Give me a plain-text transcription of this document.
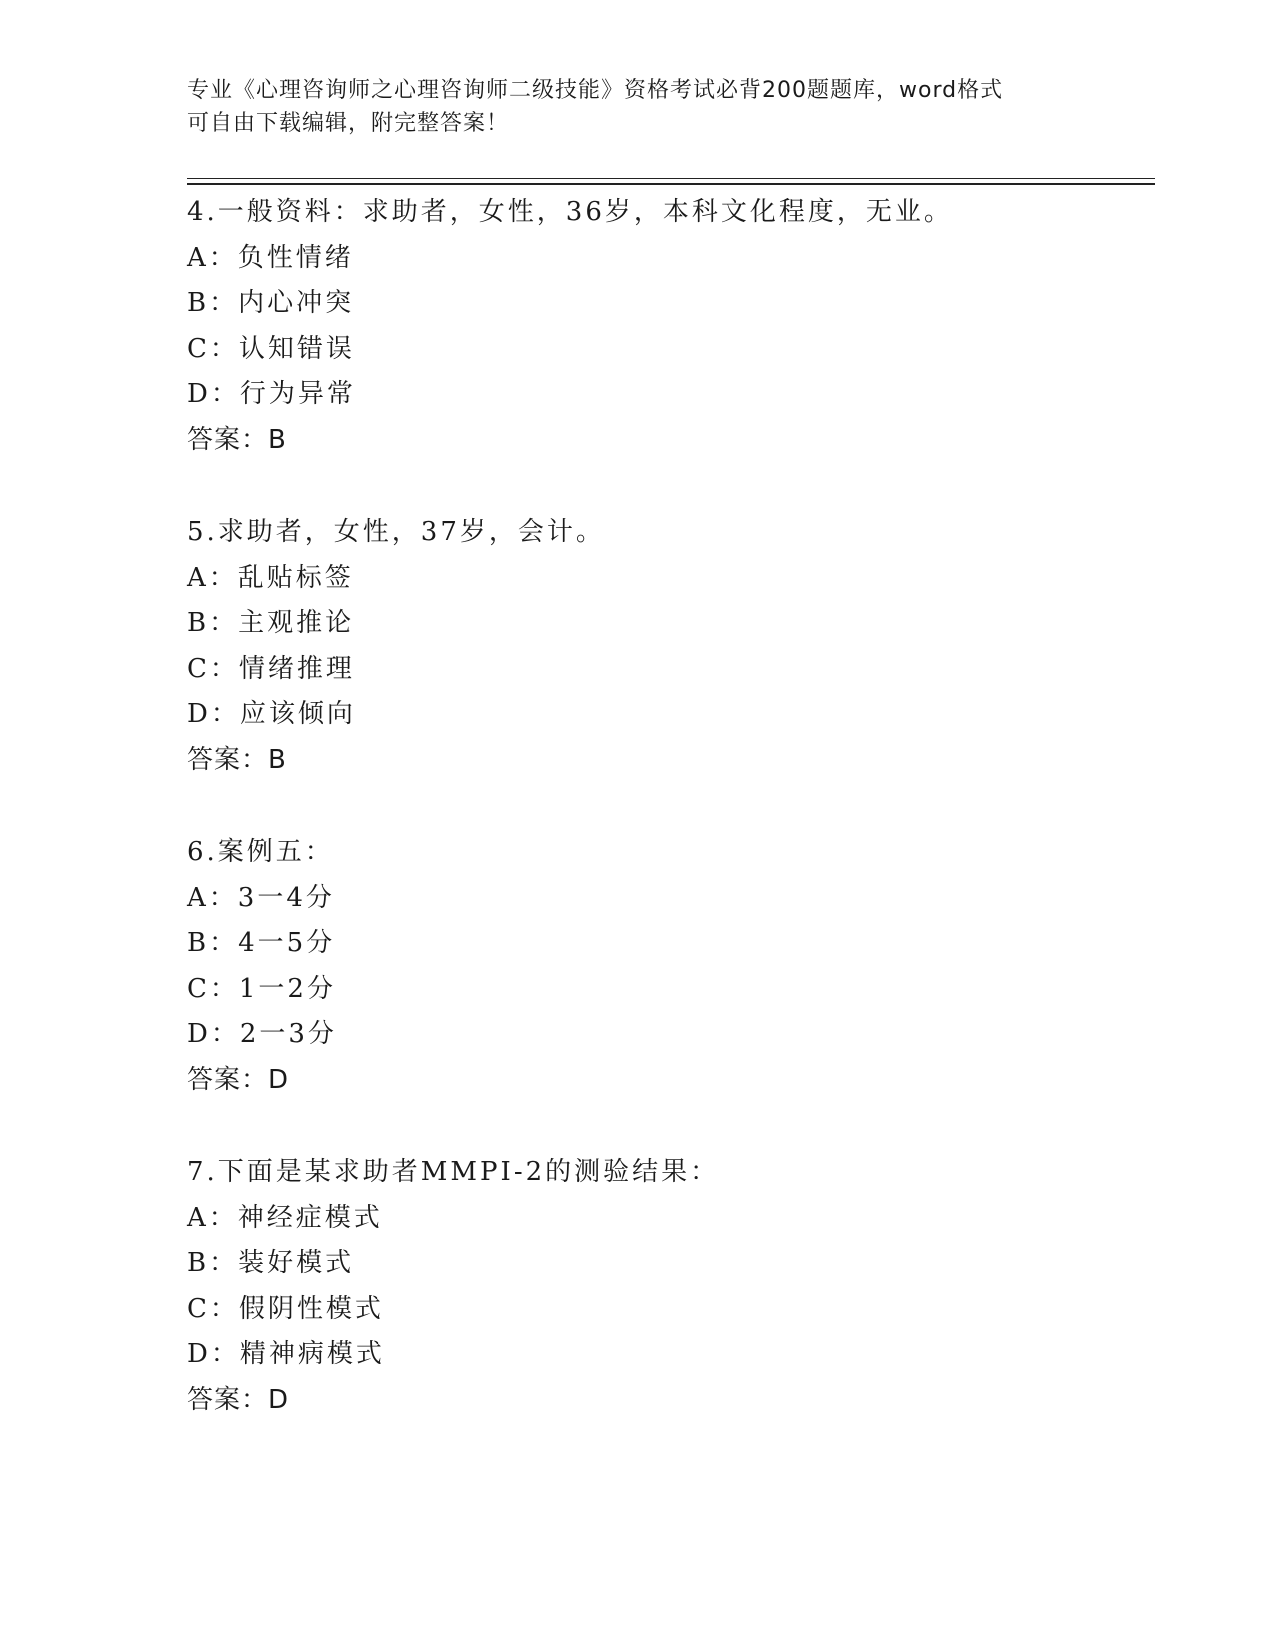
专业《心理咨询师之心理咨询师二级技能》资格考试必背200题题库，word格式
可自由下载编辑，附完整答案！
4.一般资料：求助者，女性，36岁，本科文化程度，无业。
A：负性情绪
B：内心冲突
C：认知错误
D：行为异常
答案：B
5.求助者，女性，37岁，会计。
A：乱贴标签
B：主观推论
C：情绪推理
D：应该倾向
答案：B
6.案例五：
A：3一4分
B：4一5分
C：1一2分
D：2一3分
答案：D
7.下面是某求助者MMPI-2的测验结果：
A：神经症模式
B：装好模式
C：假阴性模式
D：精神病模式
答案：D
